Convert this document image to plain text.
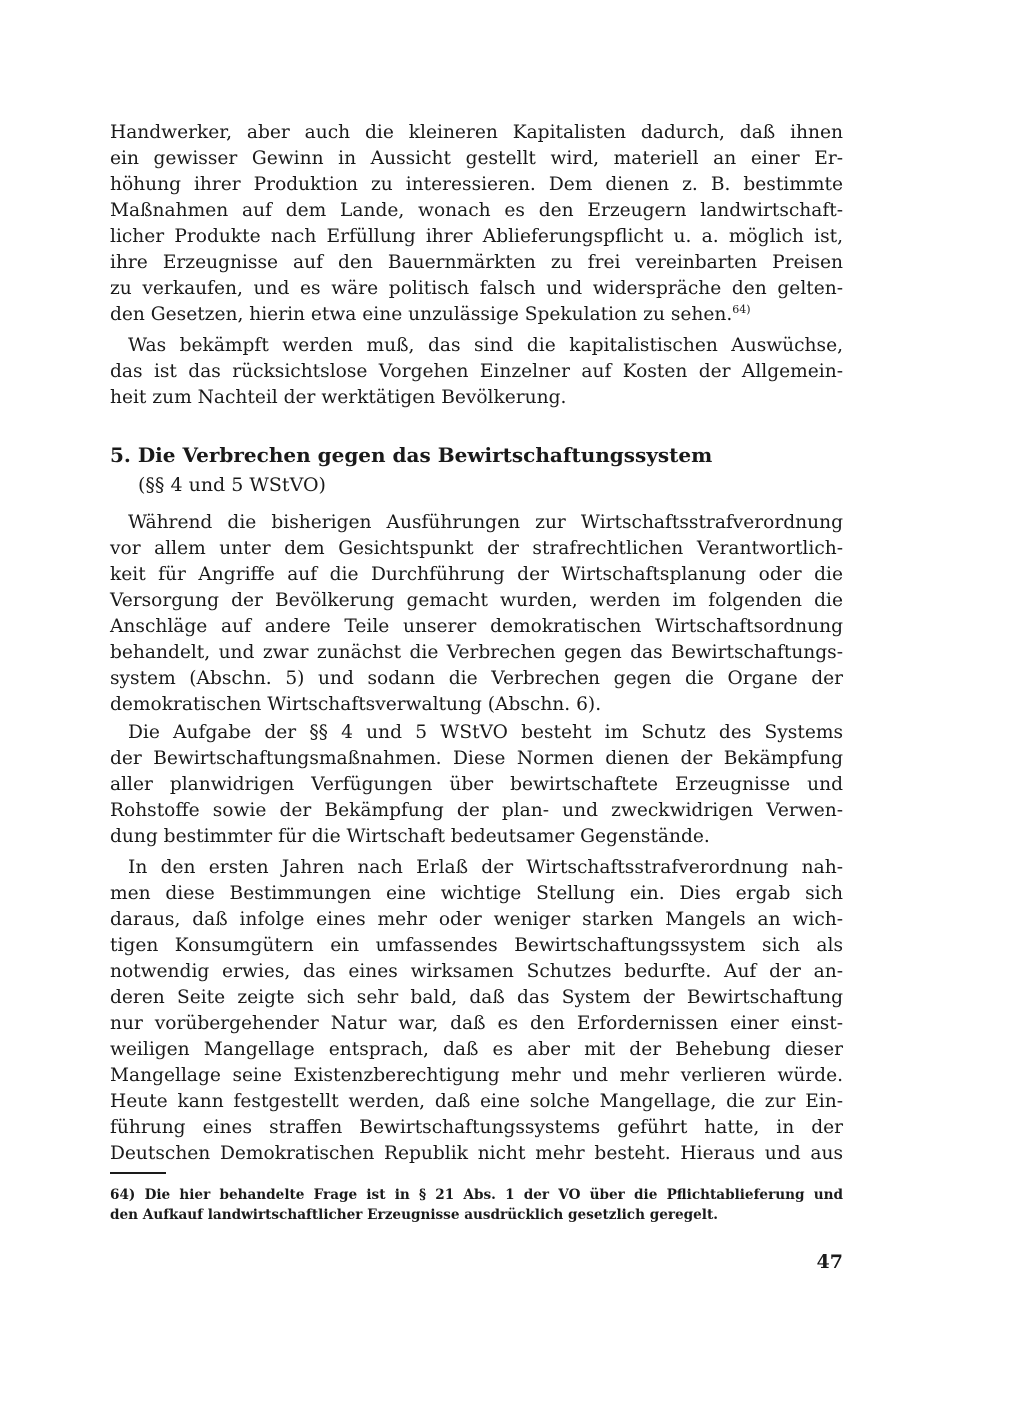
Handwerker, aber auch die kleineren Kapitalisten dadurch, daß ihnen
ein gewisser Gewinn in Aussicht gestellt wird, materiell an einer Er-
höhung ihrer Produktion zu interessieren. Dem dienen z. B. bestimmte
Maßnahmen auf dem Lande, wonach es den Erzeugern landwirtschaft-
licher Produkte nach Erfüllung ihrer Ablieferungspflicht u. a. möglich ist,
ihre Erzeugnisse auf den Bauernmärkten zu frei vereinbarten Preisen
zu verkaufen, und es wäre politisch falsch und widerspräche den gelten-
den Gesetzen, hierin etwa eine unzulässige Spekulation zu sehen.$^{64)}$
Was bekämpft werden muß, das sind die kapitalistischen Auswüchse,
das ist das rücksichtslose Vorgehen Einzelner auf Kosten der Allgemein-
heit zum Nachteil der werktätigen Bevölkerung.
5. Die Verbrechen gegen das Bewirtschaftungssystem
(§§ 4 und 5 WStVO)
Während die bisherigen Ausführungen zur Wirtschaftsstrafverordnung
vor allem unter dem Gesichtspunkt der strafrechtlichen Verantwortlich-
keit für Angriffe auf die Durchführung der Wirtschaftsplanung oder die
Versorgung der Bevölkerung gemacht wurden, werden im folgenden die
Anschläge auf andere Teile unserer demokratischen Wirtschaftsordnung
behandelt, und zwar zunächst die Verbrechen gegen das Bewirtschaftungs-
system (Abschn. 5) und sodann die Verbrechen gegen die Organe der
demokratischen Wirtschaftsverwaltung (Abschn. 6).
Die Aufgabe der §§ 4 und 5 WStVO besteht im Schutz des Systems
der Bewirtschaftungsmaßnahmen. Diese Normen dienen der Bekämpfung
aller planwidrigen Verfügungen über bewirtschaftete Erzeugnisse und
Rohstoffe sowie der Bekämpfung der plan- und zweckwidrigen Verwen-
dung bestimmter für die Wirtschaft bedeutsamer Gegenstände.
In den ersten Jahren nach Erlaß der Wirtschaftsstrafverordnung nah-
men diese Bestimmungen eine wichtige Stellung ein. Dies ergab sich
daraus, daß infolge eines mehr oder weniger starken Mangels an wich-
tigen Konsumgütern ein umfassendes Bewirtschaftungssystem sich als
notwendig erwies, das eines wirksamen Schutzes bedurfte. Auf der an-
deren Seite zeigte sich sehr bald, daß das System der Bewirtschaftung
nur vorübergehender Natur war, daß es den Erfordernissen einer einst-
weiligen Mangellage entsprach, daß es aber mit der Behebung dieser
Mangellage seine Existenzberechtigung mehr und mehr verlieren würde.
Heute kann festgestellt werden, daß eine solche Mangellage, die zur Ein-
führung eines straffen Bewirtschaftungssystems geführt hatte, in der
Deutschen Demokratischen Republik nicht mehr besteht. Hieraus und aus
64) Die hier behandelte Frage ist in § 21 Abs. 1 der VO über die Pflichtablieferung und
den Aufkauf landwirtschaftlicher Erzeugnisse ausdrücklich gesetzlich geregelt.
47
